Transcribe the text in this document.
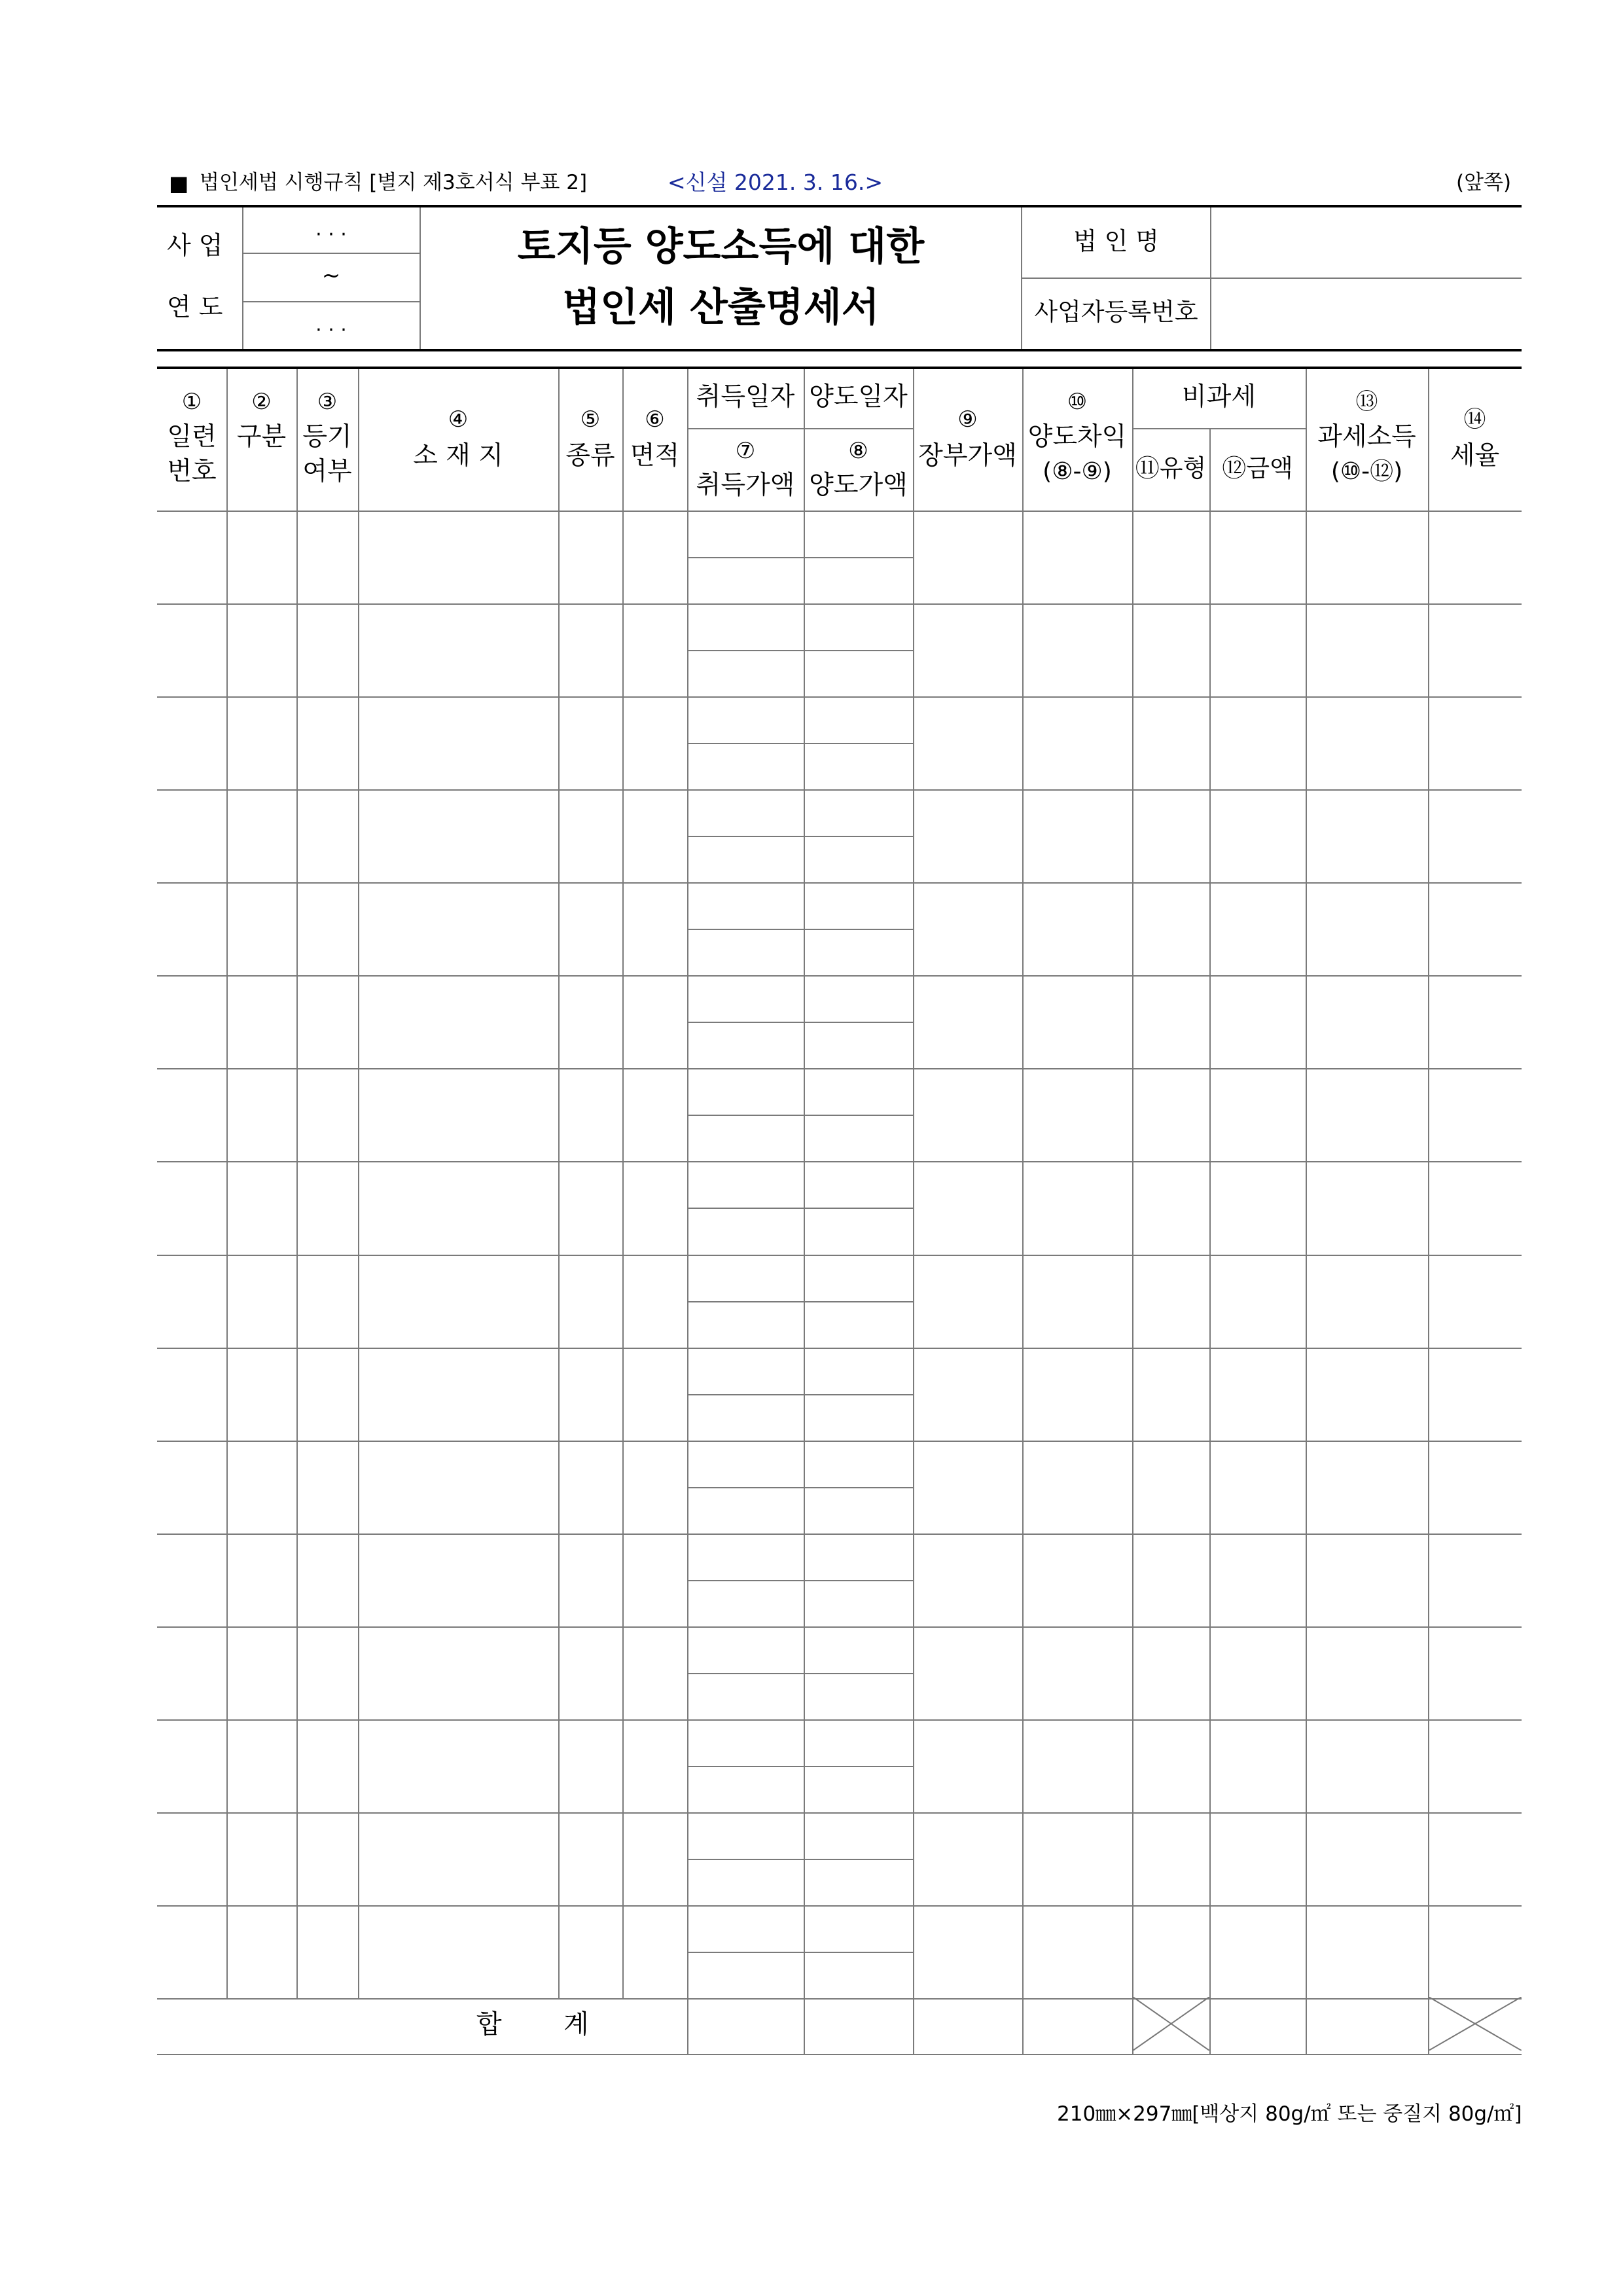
■ 법인세법 시행규칙 [별지 제3호서식 부표 2]	<신설 2021. 3. 16.>	(앞쪽)
사 업
연 도
· · ·
~
· · ·
토지등 양도소득에 대한
법인세 산출명세서
법 인 명
사업자등록번호
①
일련
번호
②
구분
③
등기
여부
④
소 재 지
⑤
종류
⑥
면적
취득일자 양도일자
⑦
취득가액
⑧
양도가액
⑨
장부가액
⑩
양도차익
(⑧-⑨)
비과세
⑪유형 ⑫금액
⑬
과세소득
(⑩-⑫)
⑭
세율
합 계
210㎜×297㎜[백상지 80g/㎡ 또는 중질지 80g/㎡]
